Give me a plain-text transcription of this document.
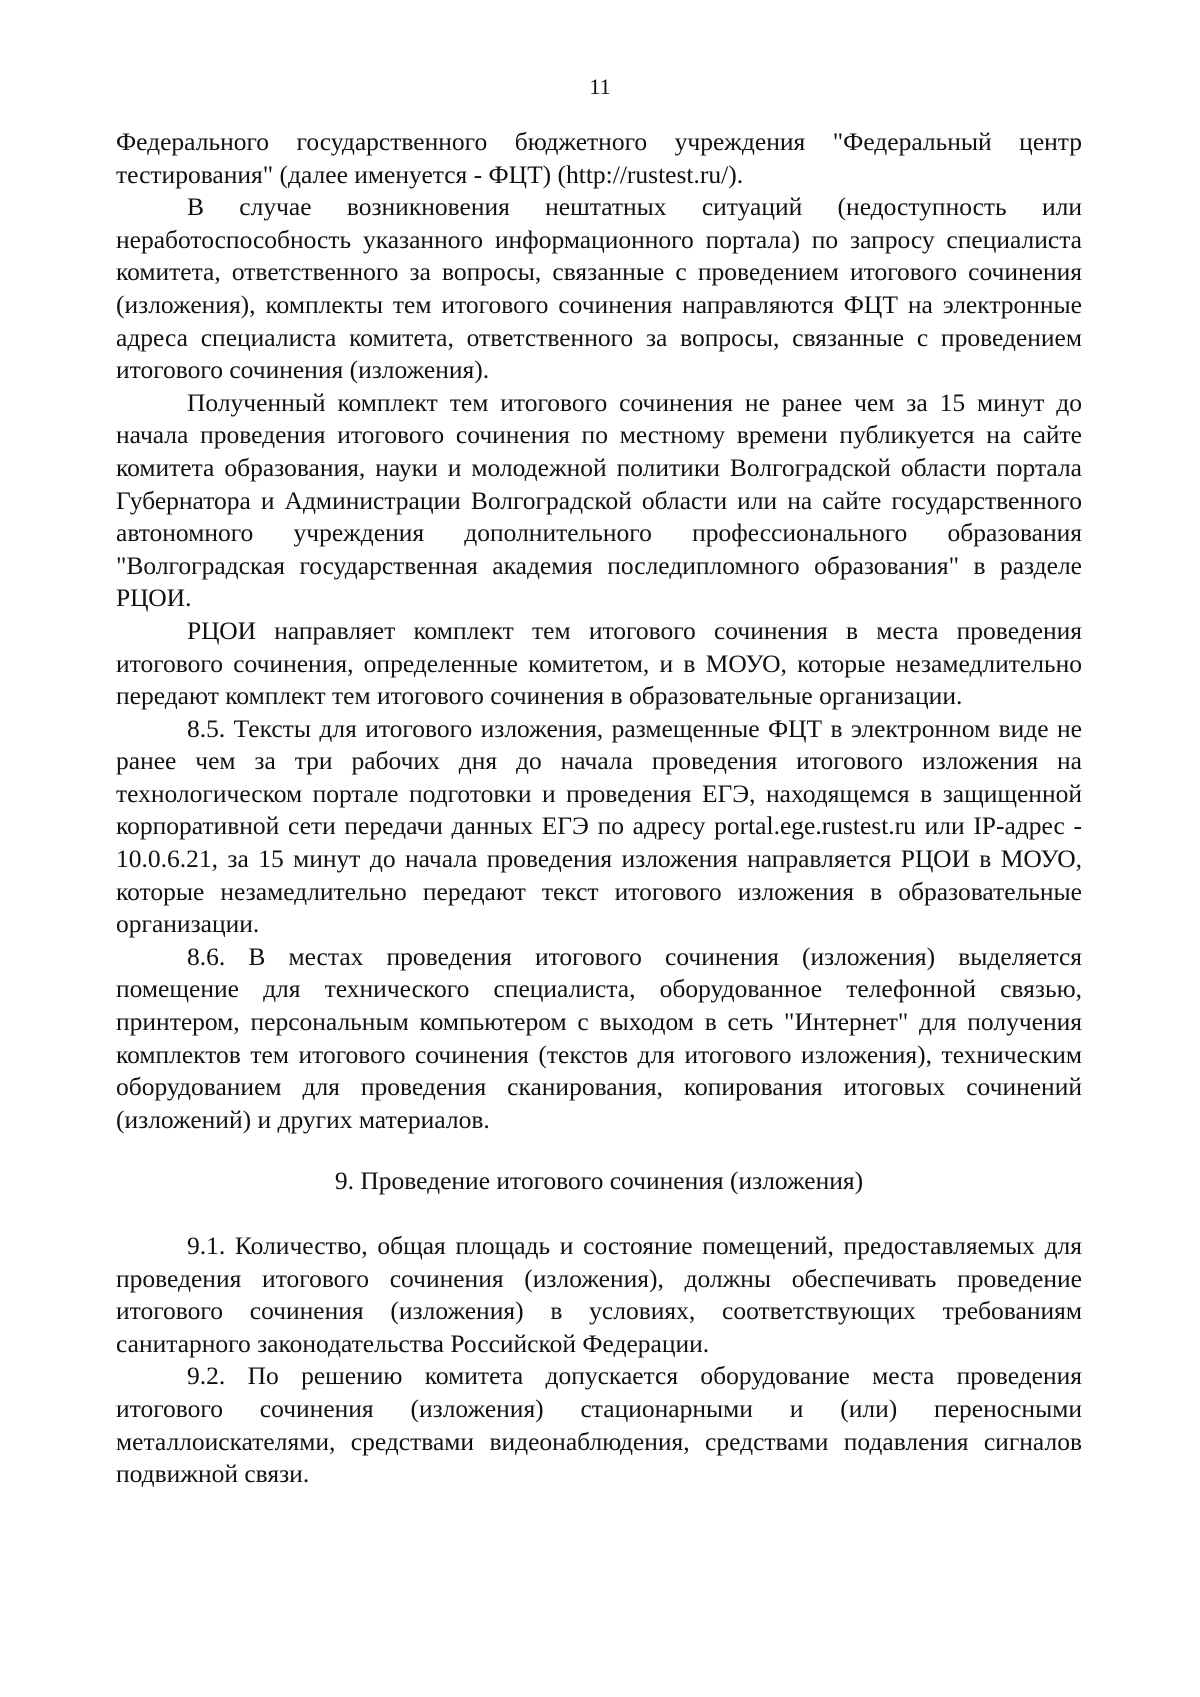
11

Федерального государственного бюджетного учреждения "Федеральный центр тестирования" (далее именуется - ФЦТ) (http://rustest.ru/).

В случае возникновения нештатных ситуаций (недоступность или неработоспособность указанного информационного портала) по запросу специалиста комитета, ответственного за вопросы, связанные с проведением итогового сочинения (изложения), комплекты тем итогового сочинения направляются ФЦТ на электронные адреса специалиста комитета, ответственного за вопросы, связанные с проведением итогового сочинения (изложения).

Полученный комплект тем итогового сочинения не ранее чем за 15 минут до начала проведения итогового сочинения по местному времени публикуется на сайте комитета образования, науки и молодежной политики Волгоградской области портала Губернатора и Администрации Волгоградской области или на сайте государственного автономного учреждения дополнительного профессионального образования "Волгоградская государственная академия последипломного образования" в разделе РЦОИ.

РЦОИ направляет комплект тем итогового сочинения в места проведения итогового сочинения, определенные комитетом, и в МОУО, которые незамедлительно передают комплект тем итогового сочинения в образовательные организации.

8.5. Тексты для итогового изложения, размещенные ФЦТ в электронном виде не ранее чем за три рабочих дня до начала проведения итогового изложения на технологическом портале подготовки и проведения ЕГЭ, находящемся в защищенной корпоративной сети передачи данных ЕГЭ по адресу portal.ege.rustest.ru или IP-адрес - 10.0.6.21, за 15 минут до начала проведения изложения направляется РЦОИ в МОУО, которые незамедлительно передают текст итогового изложения в образовательные организации.

8.6. В местах проведения итогового сочинения (изложения) выделяется помещение для технического специалиста, оборудованное телефонной связью, принтером, персональным компьютером с выходом в сеть "Интернет" для получения комплектов тем итогового сочинения (текстов для итогового изложения), техническим оборудованием для проведения сканирования, копирования итоговых сочинений (изложений) и других материалов.

9. Проведение итогового сочинения (изложения)

9.1. Количество, общая площадь и состояние помещений, предоставляемых для проведения итогового сочинения (изложения), должны обеспечивать проведение итогового сочинения (изложения) в условиях, соответствующих требованиям санитарного законодательства Российской Федерации.

9.2. По решению комитета допускается оборудование места проведения итогового сочинения (изложения) стационарными и (или) переносными металлоискателями, средствами видеонаблюдения, средствами подавления сигналов подвижной связи.
